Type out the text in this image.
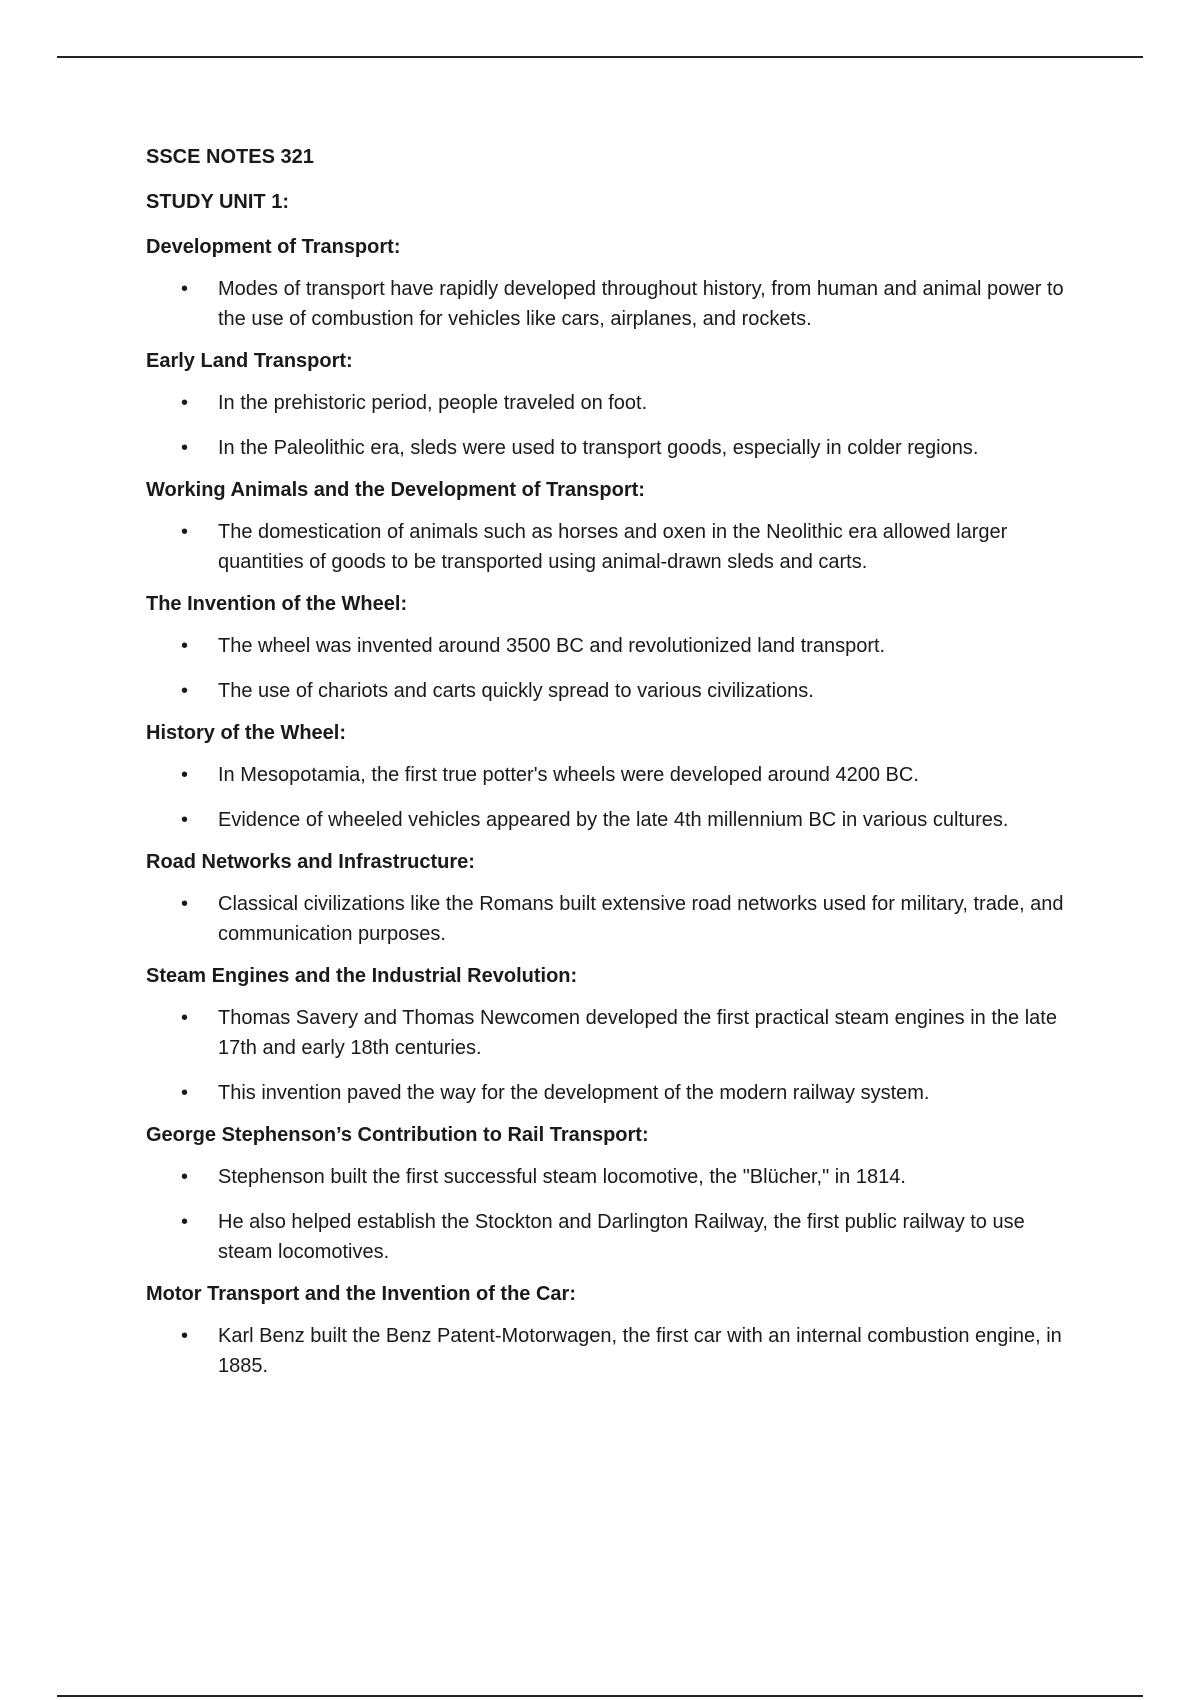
SSCE NOTES 321
STUDY UNIT 1:
Development of Transport:
• Modes of transport have rapidly developed throughout history, from human and animal power to the use of combustion for vehicles like cars, airplanes, and rockets.
Early Land Transport:
• In the prehistoric period, people traveled on foot.
• In the Paleolithic era, sleds were used to transport goods, especially in colder regions.
Working Animals and the Development of Transport:
• The domestication of animals such as horses and oxen in the Neolithic era allowed larger quantities of goods to be transported using animal-drawn sleds and carts.
The Invention of the Wheel:
• The wheel was invented around 3500 BC and revolutionized land transport.
• The use of chariots and carts quickly spread to various civilizations.
History of the Wheel:
• In Mesopotamia, the first true potter's wheels were developed around 4200 BC.
• Evidence of wheeled vehicles appeared by the late 4th millennium BC in various cultures.
Road Networks and Infrastructure:
• Classical civilizations like the Romans built extensive road networks used for military, trade, and communication purposes.
Steam Engines and the Industrial Revolution:
• Thomas Savery and Thomas Newcomen developed the first practical steam engines in the late 17th and early 18th centuries.
• This invention paved the way for the development of the modern railway system.
George Stephenson’s Contribution to Rail Transport:
• Stephenson built the first successful steam locomotive, the "Blücher," in 1814.
• He also helped establish the Stockton and Darlington Railway, the first public railway to use steam locomotives.
Motor Transport and the Invention of the Car:
• Karl Benz built the Benz Patent-Motorwagen, the first car with an internal combustion engine, in 1885.
